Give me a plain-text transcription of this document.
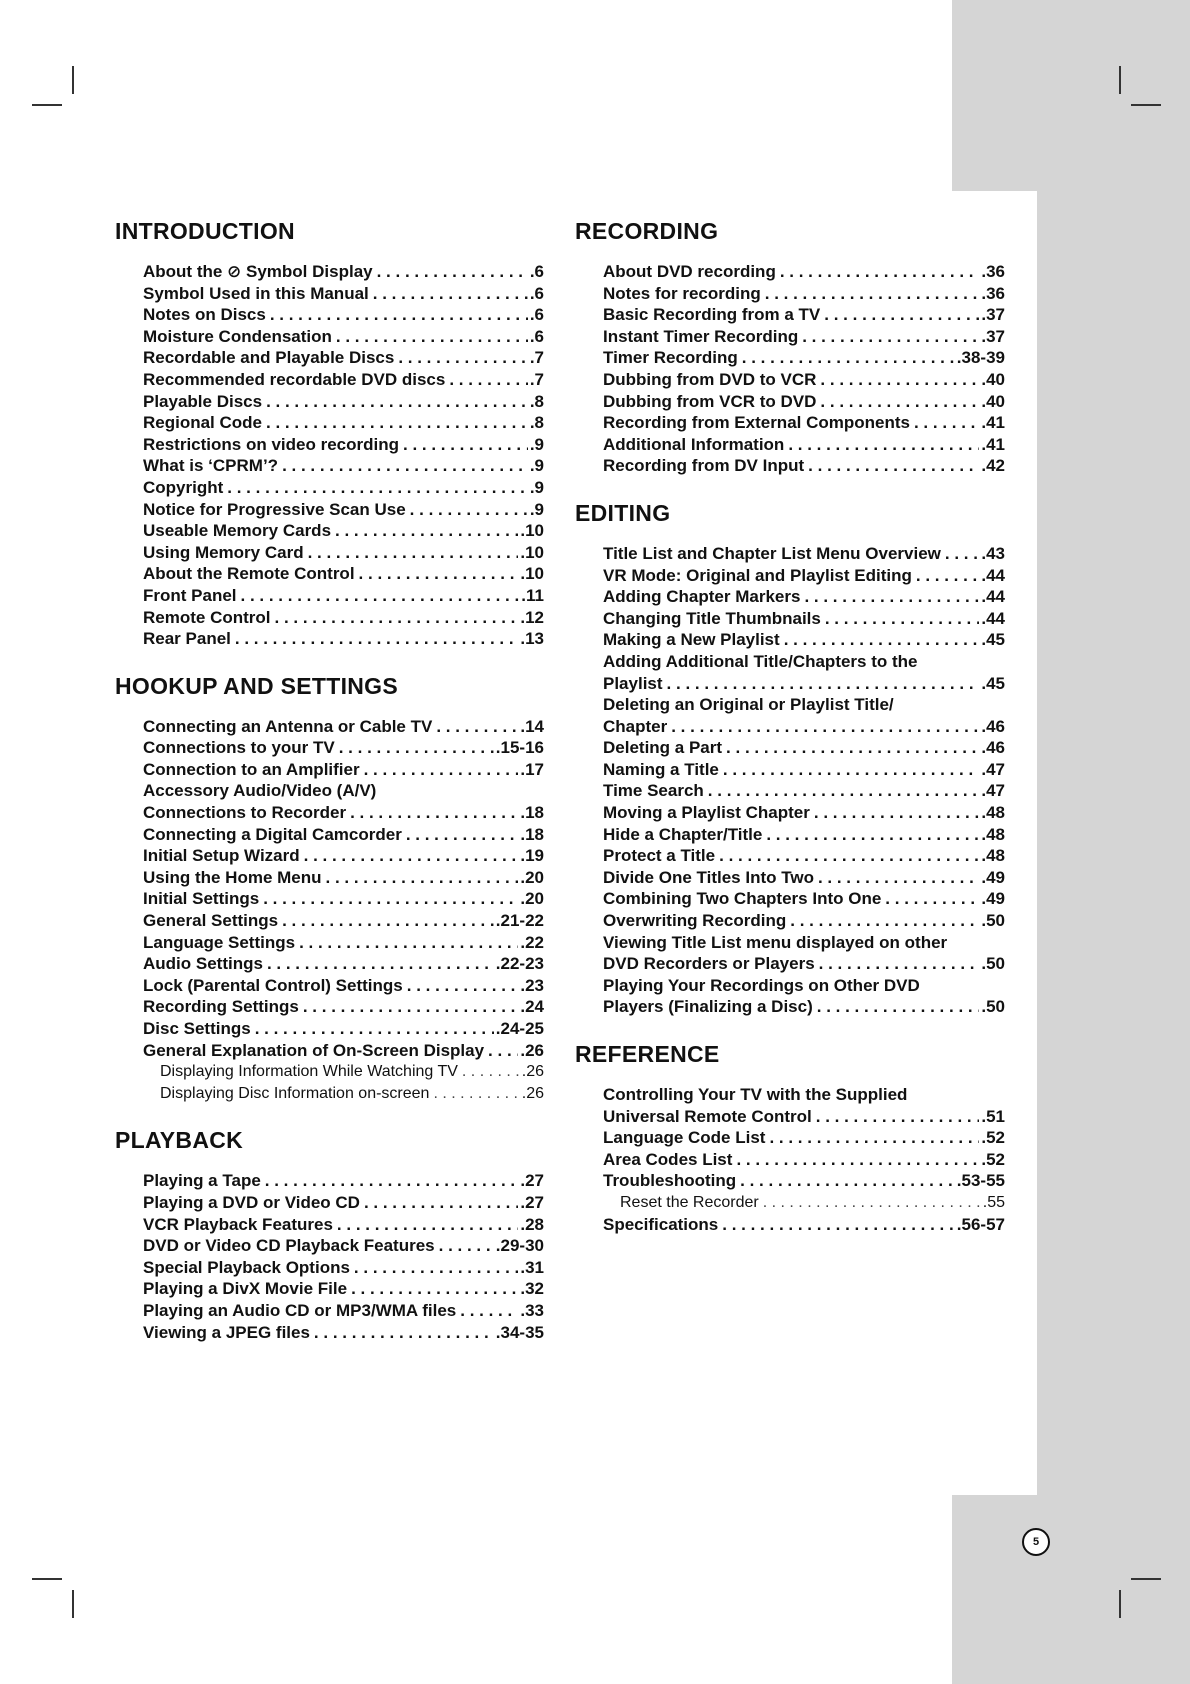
INTRODUCTION
About the ⊘ Symbol Display . . .	.6
Symbol Used in this Manual . . .	.6
Notes on Discs . . .	.6
Moisture Condensation . . .	.6
Recordable and Playable Discs . . .	.7
Recommended recordable DVD discs . . .	.7
Playable Discs . . .	.8
Regional Code . . .	.8
Restrictions on video recording . . .	.9
What is ‘CPRM’? . . .	.9
Copyright . . .	.9
Notice for Progressive Scan Use . . .	.9
Useable Memory Cards . . .	.10
Using Memory Card . . .	.10
About the Remote Control . . .	.10
Front Panel . . .	.11
Remote Control . . .	.12
Rear Panel . . .	.13
HOOKUP AND SETTINGS
Connecting an Antenna or Cable TV . . .	.14
Connections to your TV . . .	.15-16
Connection to an Amplifier . . .	.17
Accessory Audio/Video (A/V)
Connections to Recorder . . .	.18
Connecting a Digital Camcorder . . .	.18
Initial Setup Wizard . . .	.19
Using the Home Menu . . .	.20
Initial Settings . . .	.20
General Settings . . .	.21-22
Language Settings . . .	.22
Audio Settings . . .	.22-23
Lock (Parental Control) Settings . . .	.23
Recording Settings . . .	.24
Disc Settings . . .	.24-25
General Explanation of On-Screen Display . . . .26
Displaying Information While Watching TV . . .	.26
Displaying Disc Information on-screen . . .	.26
PLAYBACK
Playing a Tape . . .	.27
Playing a DVD or Video CD . . .	.27
VCR Playback Features . . .	.28
DVD or Video CD Playback Features . . .	.29-30
Special Playback Options . . .	.31
Playing a DivX Movie File . . .	.32
Playing an Audio CD or MP3/WMA files . . .	.33
Viewing a JPEG files . . .	.34-35
RECORDING
About DVD recording . . .	.36
Notes for recording . . .	.36
Basic Recording from a TV . . .	.37
Instant Timer Recording . . .	.37
Timer Recording . . .	.38-39
Dubbing from DVD to VCR . . .	.40
Dubbing from VCR to DVD . . .	.40
Recording from External Components . . .	.41
Additional Information . . .	.41
Recording from DV Input . . .	.42
EDITING
Title List and Chapter List Menu Overview . . . .43
VR Mode: Original and Playlist Editing . . .	.44
Adding Chapter Markers . . .	.44
Changing Title Thumbnails . . .	.44
Making a New Playlist . . .	.45
Adding Additional Title/Chapters to the
Playlist . . .	.45
Deleting an Original or Playlist Title/
Chapter . . .	.46
Deleting a Part . . .	.46
Naming a Title . . .	.47
Time Search . . .	.47
Moving a Playlist Chapter . . .	.48
Hide a Chapter/Title . . .	.48
Protect a Title . . .	.48
Divide One Titles Into Two . . .	.49
Combining Two Chapters Into One . . .	.49
Overwriting Recording . . .	.50
Viewing Title List menu displayed on other
DVD Recorders or Players . . .	.50
Playing Your Recordings on Other DVD
Players (Finalizing a Disc) . . .	.50
REFERENCE
Controlling Your TV with the Supplied
Universal Remote Control . . .	.51
Language Code List . . .	.52
Area Codes List . . .	.52
Troubleshooting . . .	.53-55
Reset the Recorder . . .	.55
Specifications . . .	.56-57
5
